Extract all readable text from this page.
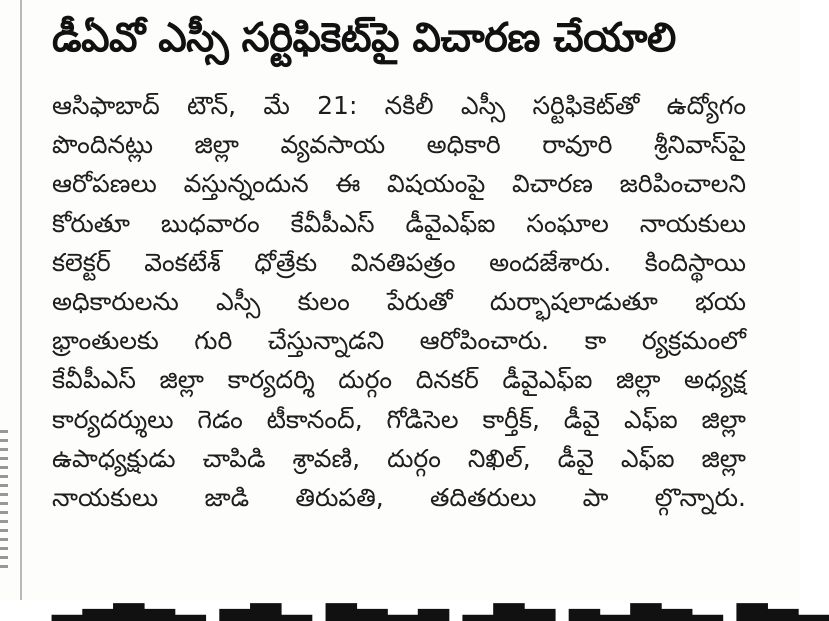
డీఏవో ఎస్సీ సర్టిఫికెట్‌పై విచారణ చేయాలి
ఆసిఫాబాద్ టౌన్, మే 21: నకిలీ ఎస్సీ సర్టిఫికెట్‌తో ఉద్యోగం
పొందినట్లు జిల్లా వ్యవసాయ అధికారి రావూరి శ్రీనివాస్‌పై
ఆరోపణలు వస్తున్నందున ఈ విషయంపై విచారణ జరిపించాలని
కోరుతూ బుధవారం కేవీపీఎస్ డీవైఎఫ్ఐ సంఘాల నాయకులు
కలెక్టర్ వెంకటేశ్ ధోత్రేకు వినతిపత్రం అందజేశారు. కిందిస్థాయి
అధికారులను ఎస్సీ కులం పేరుతో దుర్భాషలాడుతూ భయ
భ్రాంతులకు గురి చేస్తున్నాడని ఆరోపించారు. కా ర్యక్రమంలో
కేవీపీఎస్ జిల్లా కార్యదర్శి దుర్గం దినకర్ డీవైఎఫ్ఐ జిల్లా అధ్యక్ష
కార్యదర్శులు గెడం టీకానంద్, గోడిసెల కార్తీక్, డీవై ఎఫ్ఐ జిల్లా
ఉపాధ్యక్షుడు చాపిడి శ్రావణి, దుర్గం నిఖిల్, డీవై ఎఫ్ఐ జిల్లా
నాయకులు జాడి తిరుపతి, తదితరులు పా ల్గొన్నారు.
▁▂▃▂▁ ▂▃▁ ▃▂▁▂ ▁▃▂ ▂▁▃▂▁ ▃▂▁
